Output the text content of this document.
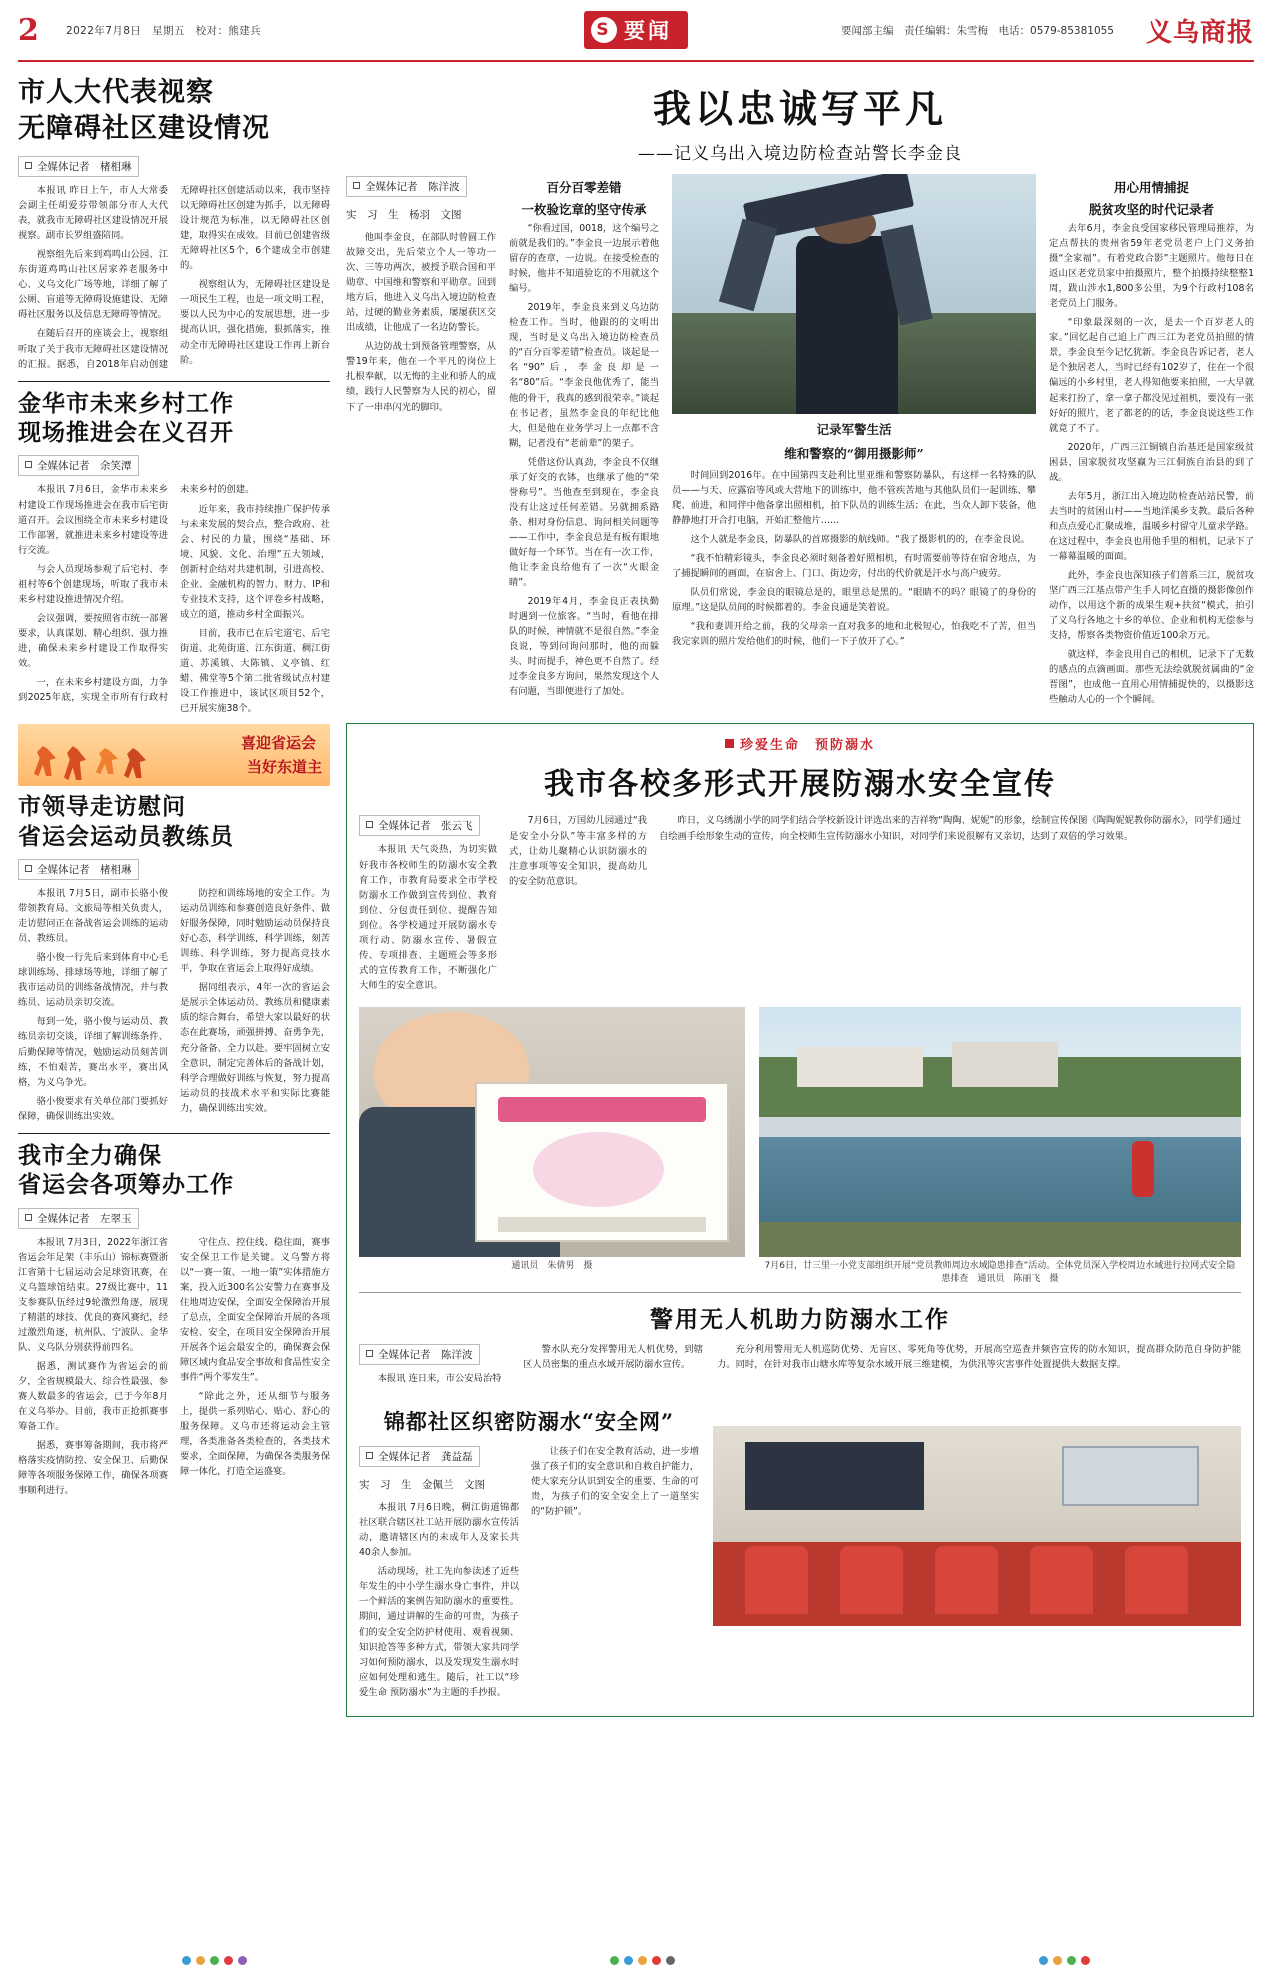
2	2022年7月8日　星期五　校对：熊建兵 S	要闻	要闻部主编　责任编辑：朱雪梅　电话：0579-85381055 义乌商报
市人大代表视察
无障碍社区建设情况
全媒体记者　楮相琳

本报讯 昨日上午，市人大常委会副主任胡爱芬带领部分市人大代表，就我市无障碍社区建设情况开展视察。副市长罗组盛陪同。

视察组先后来到鸡鸣山公园、江东街道鸡鸣山社区居家养老服务中心、义乌文化广场等地，详细了解了公厕、盲道等无障碍设施建设、无障碍社区服务以及信息无障碍等情况。

在随后召开的座谈会上，视察组听取了关于我市无障碍社区建设情况的汇报。据悉，自2018年启动创建无障碍社区创建活动以来，我市坚持以无障碍社区创建为抓手，以无障碍设计规范为标准，以无障碍社区创建，取得实在成效。目前已创建省级无障碍社区5个，6个建成全市创建的。

视察组认为，无障碍社区建设是一项民生工程，也是一项文明工程，要以人民为中心的发展思想，进一步提高认识，强化措施，狠抓落实，推动全市无障碍社区建设工作再上新台阶。

金华市未来乡村工作
现场推进会在义召开
全媒体记者　余笑潭

本报讯 7月6日，金华市未来乡村建设工作现场推进会在我市后宅街道召开。会议围绕全市未来乡村建设工作部署，就推进未来乡村建设等进行交流。

与会人员现场参观了后宅村、李祖村等6个创建现场，听取了我市未来乡村建设推进情况介绍。

会议强调，要按照省市统一部署要求，认真谋划、精心组织、强力推进，确保未来乡村建设工作取得实效。

一，在未来乡村建设方面，力争到2025年底，实现全市所有行政村未来乡村的创建。

近年来，我市持续推广保护传承与未来发展的契合点，整合政府、社会、村民的力量，围绕“基础、环境、风貌、文化、治理”五大领域，创新村企结对共建机制，引进高校、企业、金融机构的智力、财力、IP和专业技术支持，这个评卷乡村战略，成立的道，推动乡村全面振兴。

目前，我市已在后宅道宅、后宅街道、北苑街道、江东街道、稠江街道、苏溪镇、大陈镇、义亭镇、红蜡、佛堂等5个第二批省级试点村建设工作推进中，该试区项目52个，已开展实施38个。

喜迎省运会
当好东道主
市领导走访慰问
省运会运动员教练员
全媒体记者　楮相琳

本报讯 7月5日，副市长骆小俊带领教育局、文旅局等相关负责人，走访慰问正在备战省运会训练的运动员、教练员。

骆小俊一行先后来到体育中心毛球训练场、排球场等地，详细了解了我市运动员的训练备战情况，并与教练员、运动员亲切交流。

每到一处，骆小俊与运动员、教练员亲切交谈，详细了解训练条件、后勤保障等情况，勉励运动员刻苦训练，不怕艰苦，赛出水平，赛出风格，为义乌争光。

骆小俊要求有关单位部门要抓好保障，确保训练出实效。

防控和训练场地的安全工作。为运动员训练和参赛创造良好条件、做好服务保障，同时勉励运动员保持良好心态，科学训练，科学训练，刻苦训练、科学训练，努力提高竞技水平，争取在省运会上取得好成绩。

据同组表示，4年一次的省运会是展示全体运动员、教练员和健康素质的综合舞台，希望大家以最好的状态在此赛场，顽强拼搏、奋勇争先，充分备备、全力以赴。要牢固树立安全意识，制定完善体后的备战计划，科学合理做好训练与恢复，努力提高运动员的技战术水平和实际比赛能力，确保训练出实效。

我市全力确保
省运会各项筹办工作
全媒体记者　左翠玉

本报讯 7月3日，2022年浙江省省运会年足架（丰乐山）锦标赛暨浙江省第十七届运动会足球资讯赛，在义乌篮球馆结束。27级比赛中，11支参赛队伍经过9轮激烈角逐，展现了精湛的球技、优良的赛风赛纪，经过激烈角逐，杭州队、宁波队、金华队、义乌队分别获得前四名。

据悉，测试赛作为省运会的前夕，全省规模最大、综合性最强、参赛人数最多的省运会，已于今年8月在义乌举办。目前，我市正抢抓赛事筹备工作。

据悉，赛事筹备期间，我市将严格落实疫情防控、安全保卫、后勤保障等各项服务保障工作，确保各项赛事顺利进行。

守住点、控住线、稳住面，赛事安全保卫工作是关键。义乌警方将以“一赛一策、一地一策”实体措施方案，投入近300名公安警力在赛事及住地周边安保，全面安全保障治开展了总点，全面安全保障治开展的各项安检、安全，在项目安全保障治开展开展各个运会最安全的，确保赛会保障区域内食品安全事故和食品性安全事件“两个零发生”。

“除此之外，还从细节与服务上，提供一系列贴心、贴心、舒心的服务保障。义乌市还将运动会主管理，各类准备各类检查的，各类技术要求，全面保障，为确保各类服务保障一体化，打造全运盛宴。

我以忠诚写平凡
——记义乌出入境边防检查站警长李金良
全媒体记者　陈洋波 实　习　生　杨羽　文图

他叫李金良，在部队时曾圆工作故障交出，先后荣立个人一等功一次、三等功两次，被授予联合国和平勋章、中国维和警察和平勋章。回到地方后，他进入义乌出入境边防检查站，过硬的勤业务素质，屡屡获区交出成绩，让他成了一名边防警长。

从边防战士到预备管理警察，从警19年来，他在一个平凡的岗位上扎根奉献，以无悔的主业和骄人的成绩，践行人民警察为人民的初心，留下了一串串闪光的脚印。

百分百零差错
一枚验讫章的坚守传承

“你看过国，0018，这个编号之前就是我们的。”李金良一边展示着他留存的查章，一边说。在接受检查的时候，他井不知道验讫的不用就这个编号。

2019年，李金良来到义乌边防检查工作。当时，他跟的的文明出现，当时是义乌出入境边防检查员的“百分百零差错”检查员。谈起是一名“90”后，李金良却是一名“80”后。“李金良他优秀了，能当他的骨干，我真的感到很荣幸。”谈起在书记者，虽然李金良的年纪比他大，但是他在业务学习上一点都不含糊，记者没有“老前辈”的架子。

凭借这份认真劲，李金良不仅继承了好交的衣钵，也继承了他的“荣誉称号”。当他查至到现在，李金良没有让这过任何差错。另就拥系路条、相对身份信息、询问相关问题等——工作中，李金良总是有板有眼地做好每一个环节。当在有一次工作，他让李金良给他有了一次“火眼金睛”。

2019年4月，李金良正表执勤时遇到一位旅客。“当时，看他在排队的时候，神情就不是很自然。”李金良说，等到问询问那时，他的而躲头、时而提手，神色更不自然了。经过李金良多方询问，果然发现这个人有问题，当即便进行了加处。

记录军警生活
维和警察的“御用摄影师”

时间回到2016年。在中国第四支赴利比里亚维和警察防暴队，有这样一名特殊的队员——与天、应露宿等风或大营地下的训练中，他不管疾苦地与其他队员们一起训练、攀爬、前进，和同伴中他备拿出照相机，拍下队员的训练生活；在此，当众人卸下装备，他静静地打开合打电脑，开始汇整他片……

这个人就是李金良，防暴队的首席摄影的航线师。“我了摄影机的的，在李金良说。

“我不怕精彩镜头，李金良必须时刻备着好照相机，有时需要前等待在宿舍地点，为了捕捉瞬间的画面，在宿舍上、门口、街边旁，付出的代价就是汗水与高户疲劳。

队员们常说，李金良的眼镜总是的，眼里总是黑的。“眼睛不的吗？眼镜了的身份的原理。”这是队员间的时候都着的。李金良通是笑着说。

“我和妻训开给之前，我的父母亲一直对我多的地和北极短心，怕我吃不了苦，但当我完家训的照片发给他们的时候，他们一下子放开了心。”

用心用情捕捉
脱贫攻坚的时代记录者

去年6月，李金良受国家移民管理局推荐，为定点帮扶的贵州省59年老党员老户上门义务拍摄“全家福”。有着党政合影”主题照片。他每日在返山区老党员家中拍摄照片，整个拍摄持续整整1周，跋山涉水1,800多公里，为9个行政村108名老党员上门服务。

“印象最深刻的一次，是去一个百岁老人的家。”回忆起自己追上广西三江为老党员拍照的情景，李金良至今记忆犹新。李金良告诉记者，老人是个独居老人，当时已经有102岁了，住在一个很偏远的小乡村里，老人得知他要来拍照，一大早就起来打扮了，拿一拿子都没见过祖机，要没有一张好好的照片，老了都老的的话，李金良说这些工作就竟了不了。

2020年，广西三江铜镇自治基还是国家级贫困县，国家脱贫攻坚赢为三江侗族自治县的到了战。

去年5月，浙江出入境边防检查站站民警，前去当时的贫困山村——当地洋溪乡支教。最后各种和点点爱心汇聚成堆，温暖乡村留守儿童求学路。在这过程中，李金良也用他手里的相机，记录下了一幕幕温暖的面面。

此外，李金良也深知孩子们普系三江，脱贫攻坚广西三江基点带产生手人同忆直摄的摄影像创作动作，以用这个新的成果生观+扶贫“模式，拍引了义乌行各地之十乡的单位、企业和机构无偿参与支持，帮察各类物资价值近100余万元。

就这样，李金良用自己的相机，记录下了无数的感点的点滴画面。那些无法绘就脱贫属曲的“金晋图”，也成他一直用心用情捕捉快的，以摄影这些触动人心的一个个瞬间。

珍爱生命　预防溺水
我市各校多形式开展防溺水安全宣传
全媒体记者　张云飞

本报讯 天气炎热，为切实做好我市各校师生的防溺水安全教育工作，市教育局要求全市学校防溺水工作做到宣传到位、教育到位、分包责任到位、提醒告知到位。各学校通过开展防溺水专项行动、防溺水宣传、暑假宣传、专项排查、主题班会等多形式的宣传教育工作，不断强化广大师生的安全意识。

7月6日，万国幼儿园通过“我是安全小分队”等丰富多样的方式，让幼儿聚精心认识防溺水的注意事项等安全知识，提高幼儿的安全防范意识。

昨日，义乌绣湖小学的同学们结合学校新设计评选出来的吉祥物“陶陶、妮妮”的形象，绘制宣传保图《陶陶妮妮教你防溺水》，同学们通过自绘画手绘形象生动的宣传，向全校师生宣传防溺水小知识，对同学们来说很解有又亲切，达到了双倍的学习效果。

通讯员　朱倩男　摄	7月6日，廿三里一小党支部组织开展“党员教师周边水域隐患排查”活动。全体党员深入学校周边水域进行拉网式安全隐患排查　通讯员　陈丽飞　摄
警用无人机助力防溺水工作
全媒体记者　陈洋波

本报讯 连日来，市公安局治特

警水队充分发挥警用无人机优势，到辖区人员密集的重点水域开展防溺水宣传。

充分利用警用无人机巡防优势、无盲区、零死角等优势，开展高空巡查并频咨宣传的防水知识，提高群众防范自身防护能力。同时，在针对我市山塘水库等复杂水域开展三维建模，为供汛等灾害事件处置提供大数据支撑。

锦都社区织密防溺水“安全网”
全媒体记者　龚益磊 实　习　生　金佩兰　文图

本报讯 7月6日晚，稠江街道锦都社区联合辖区社工站开展防溺水宣传活动，邀请辖区内的未成年人及家长共40余人参加。

活动现场，社工先向参读述了近些年发生的中小学生溺水身亡事件，并以一个鲜活的案例告知防溺水的重要性。期间，通过讲解的生命的可贵，为孩子们的安全安全防护材使用、观看视频、知识抢答等多种方式，带领大家共同学习如何预防溺水，以及发现发生溺水时应如何处理和逃生。随后，社工以“珍爱生命 预防溺水”为主题的手抄报。

让孩子们在安全教育活动，进一步增强了孩子们的安全意识和自救自护能力，使大家充分认识到安全的重要、生命的可贵，为孩子们的安全安全上了一道坚实的“防护锁”。
